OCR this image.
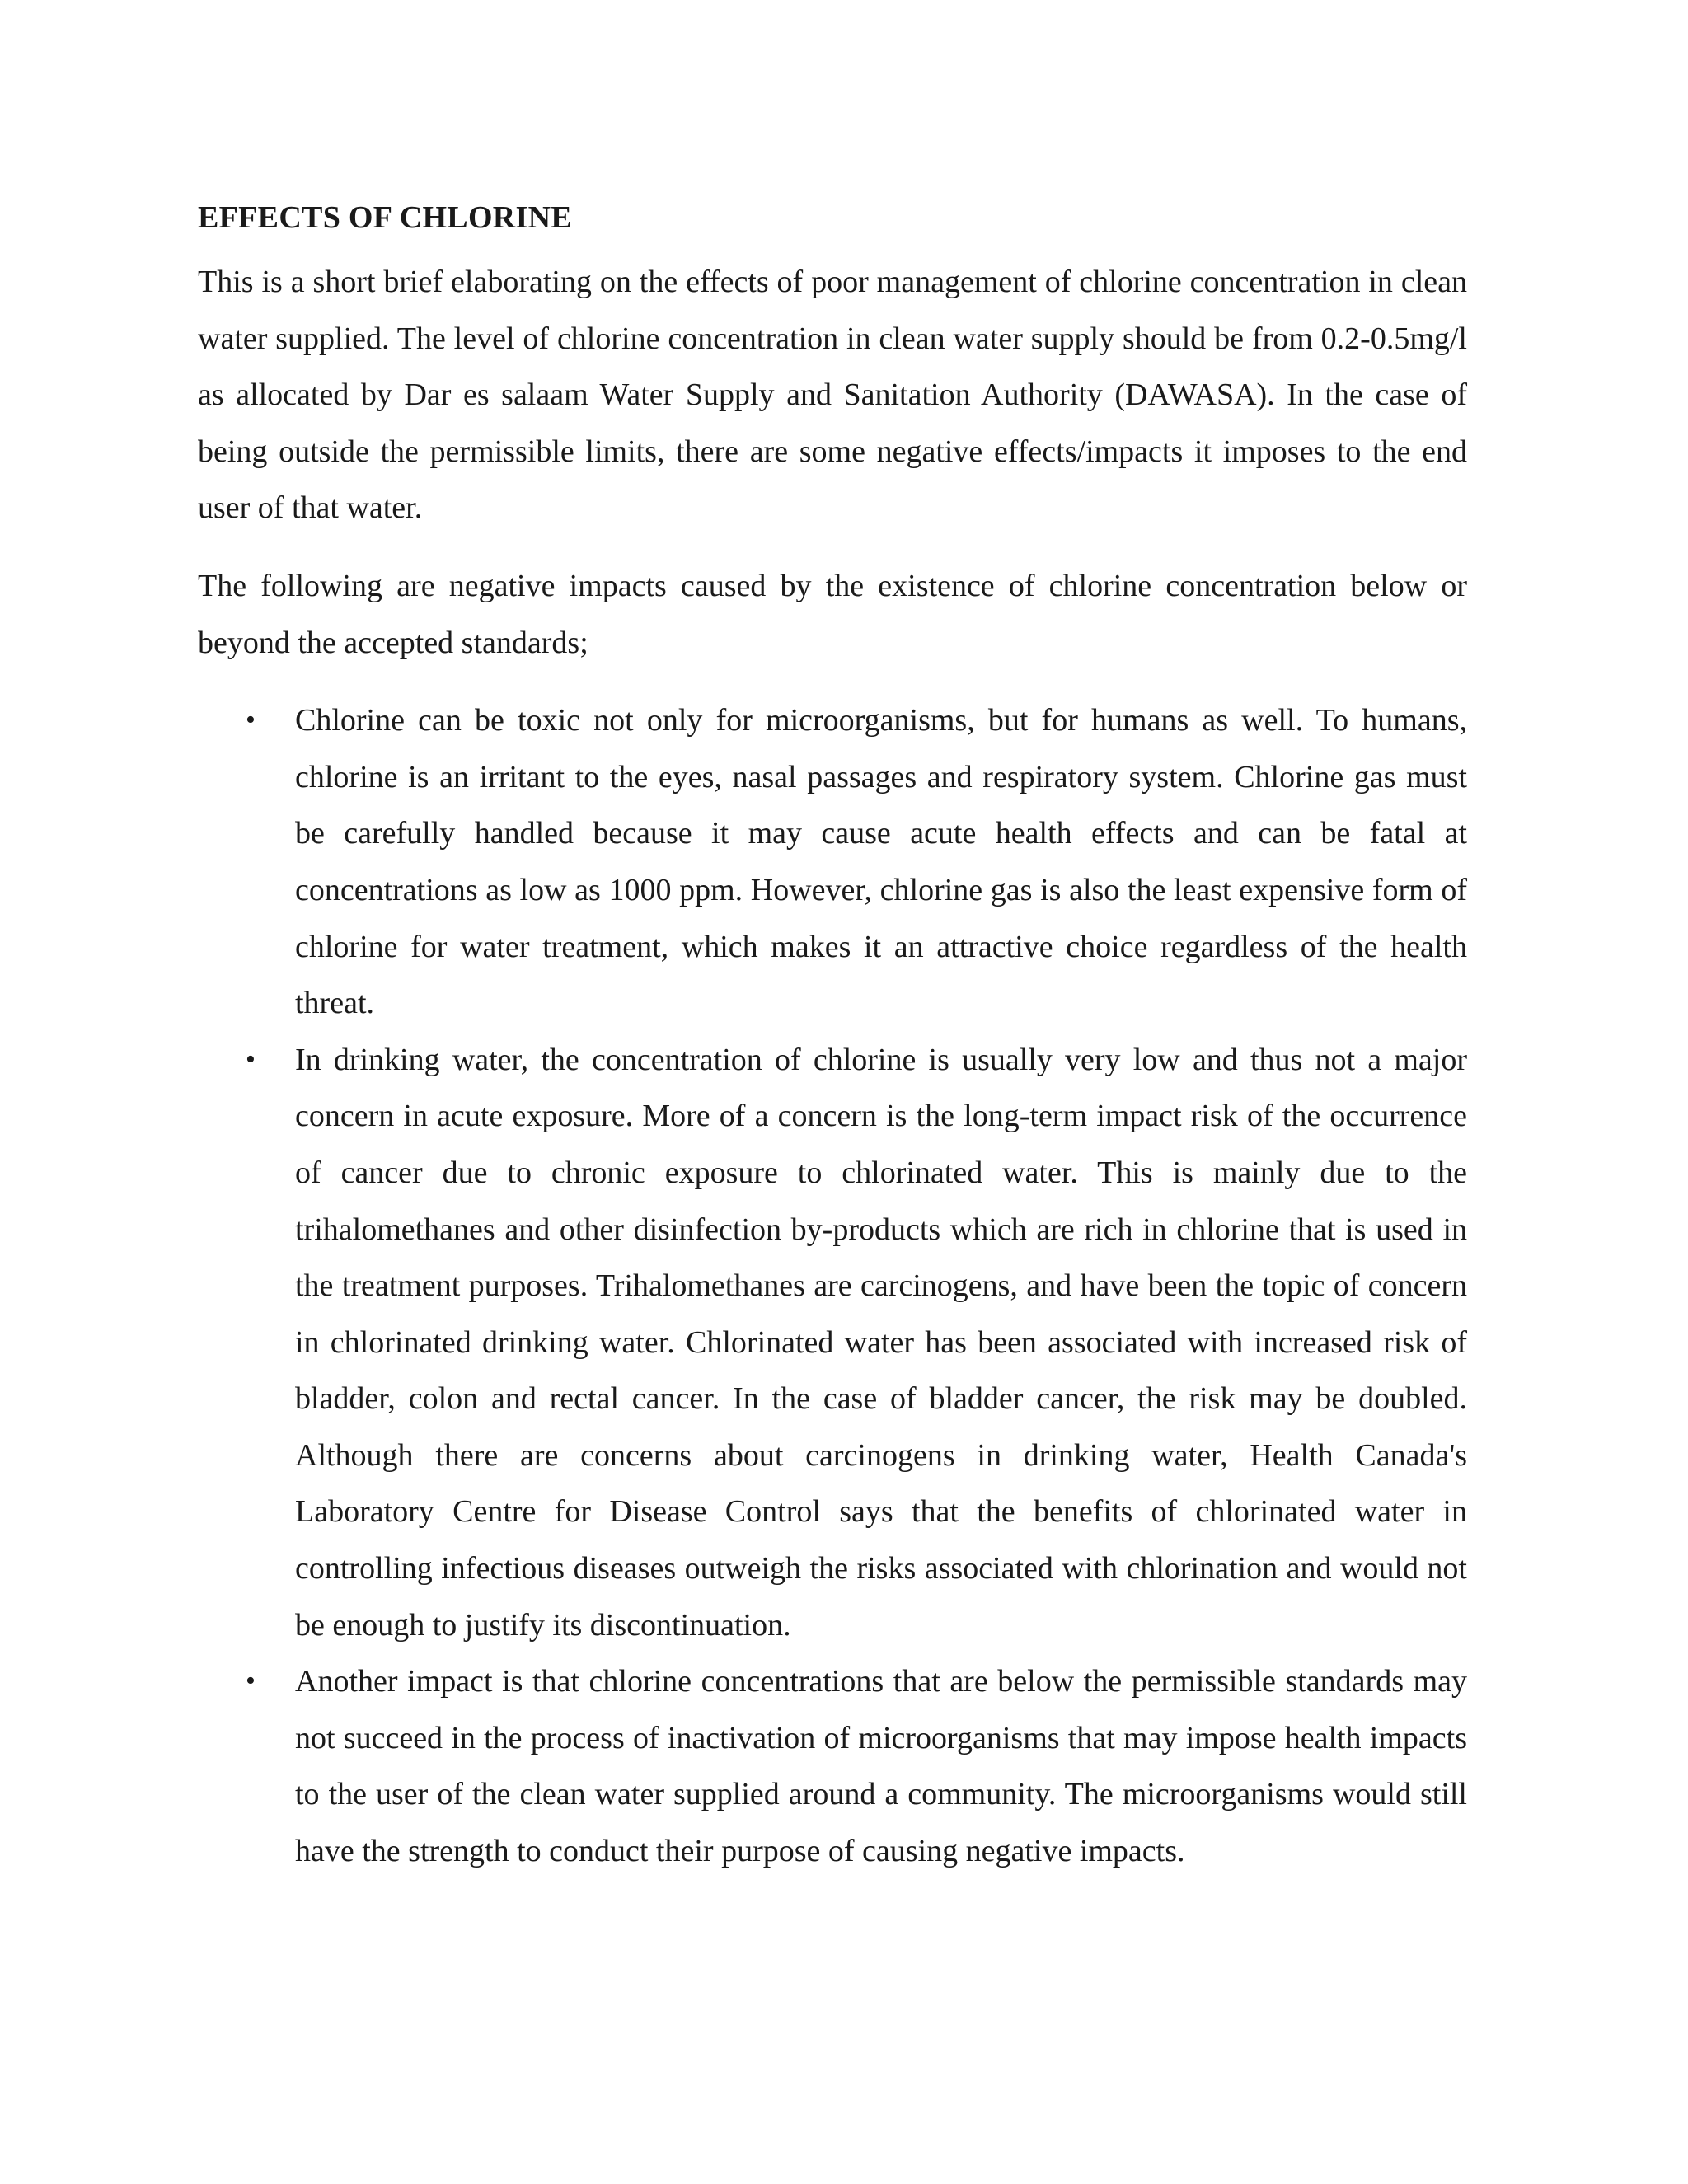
EFFECTS OF CHLORINE

This is a short brief elaborating on the effects of poor management of chlorine concentration in clean water supplied. The level of chlorine concentration in clean water supply should be from 0.2-0.5mg/l as allocated by Dar es salaam Water Supply and Sanitation Authority (DAWASA). In the case of being outside the permissible limits, there are some negative effects/impacts it imposes to the end user of that water.

The following are negative impacts caused by the existence of chlorine concentration below or beyond the accepted standards;

•	Chlorine can be toxic not only for microorganisms, but for humans as well. To humans, chlorine is an irritant to the eyes, nasal passages and respiratory system. Chlorine gas must be carefully handled because it may cause acute health effects and can be fatal at concentrations as low as 1000 ppm. However, chlorine gas is also the least expensive form of chlorine for water treatment, which makes it an attractive choice regardless of the health threat.
•	In drinking water, the concentration of chlorine is usually very low and thus not a major concern in acute exposure. More of a concern is the long-term impact risk of the occurrence of cancer due to chronic exposure to chlorinated water. This is mainly due to the trihalomethanes and other disinfection by-products which are rich in chlorine that is used in the treatment purposes. Trihalomethanes are carcinogens, and have been the topic of concern in chlorinated drinking water. Chlorinated water has been associated with increased risk of bladder, colon and rectal cancer. In the case of bladder cancer, the risk may be doubled. Although there are concerns about carcinogens in drinking water, Health Canada's Laboratory Centre for Disease Control says that the benefits of chlorinated water in controlling infectious diseases outweigh the risks associated with chlorination and would not be enough to justify its discontinuation.
•	Another impact is that chlorine concentrations that are below the permissible standards may not succeed in the process of inactivation of microorganisms that may impose health impacts to the user of the clean water supplied around a community. The microorganisms would still have the strength to conduct their purpose of causing negative impacts.
